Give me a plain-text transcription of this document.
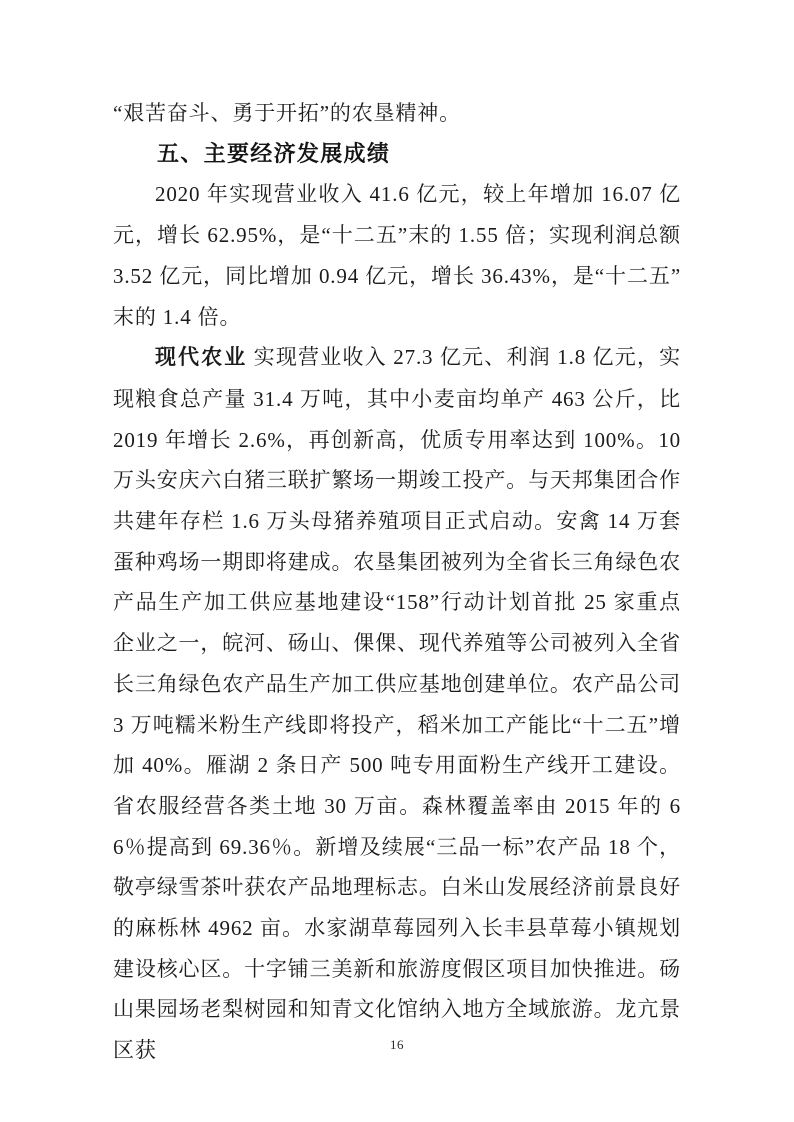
“艰苦奋斗、勇于开拓”的农垦精神。

五、主要经济发展成绩

2020 年实现营业收入 41.6 亿元，较上年增加 16.07 亿元，增长 62.95%，是“十二五”末的 1.55 倍；实现利润总额 3.52 亿元，同比增加 0.94 亿元，增长 36.43%，是“十二五”末的 1.4 倍。

现代农业 实现营业收入 27.3 亿元、利润 1.8 亿元，实现粮食总产量 31.4 万吨，其中小麦亩均单产 463 公斤，比 2019 年增长 2.6%，再创新高，优质专用率达到 100%。10 万头安庆六白猪三联扩繁场一期竣工投产。与天邦集团合作共建年存栏 1.6 万头母猪养殖项目正式启动。安禽 14 万套蛋种鸡场一期即将建成。农垦集团被列为全省长三角绿色农产品生产加工供应基地建设“158”行动计划首批 25 家重点企业之一，皖河、砀山、倮倮、现代养殖等公司被列入全省长三角绿色农产品生产加工供应基地创建单位。农产品公司 3 万吨糯米粉生产线即将投产，稻米加工产能比“十二五”增加 40%。雁湖 2 条日产 500 吨专用面粉生产线开工建设。省农服经营各类土地 30 万亩。森林覆盖率由 2015 年的 66％提高到 69.36％。新增及续展“三品一标”农产品 18 个，敬亭绿雪茶叶获农产品地理标志。白米山发展经济前景良好的麻栎林 4962 亩。水家湖草莓园列入长丰县草莓小镇规划建设核心区。十字铺三美新和旅游度假区项目加快推进。砀山果园场老梨树园和知青文化馆纳入地方全域旅游。龙亢景区获	16
